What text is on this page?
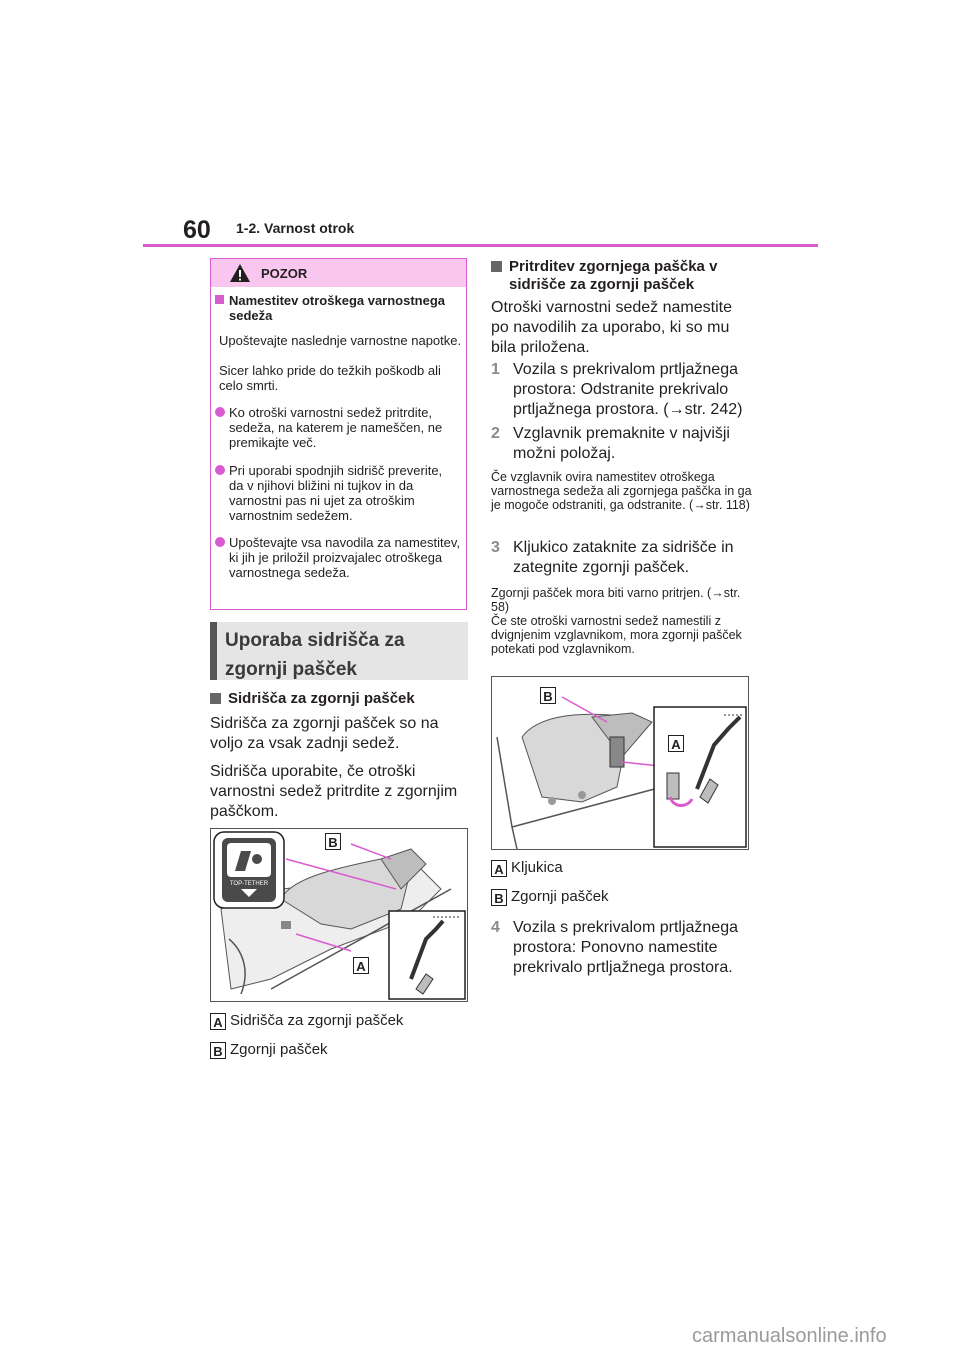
60 1-2. Varnost otrok
POZOR
Namestitev otroškega varnostnega sedeža
Upoštevajte naslednje varnostne napotke.
Sicer lahko pride do težkih poškodb ali celo smrti.
Ko otroški varnostni sedež pritrdite, sedeža, na katerem je nameščen, ne premikajte več.
Pri uporabi spodnjih sidrišč preverite, da v njihovi bližini ni tujkov in da varnostni pas ni ujet za otroškim varnostnim sedežem.
Upoštevajte vsa navodila za namestitev, ki jih je priložil proizvajalec otroškega varnostnega sedeža.
Uporaba sidrišča za zgornji pašček
Sidrišča za zgornji pašček
Sidrišča za zgornji pašček so na voljo za vsak zadnji sedež.
Sidrišča uporabite, če otroški varnostni sedež pritrdite z zgornjim paščkom.
TOP-TETHER
B
A
A Sidrišča za zgornji pašček
B Zgornji pašček
Pritrditev zgornjega paščka v sidrišče za zgornji pašček
Otroški varnostni sedež namestite po navodilih za uporabo, ki so mu bila priložena.
1 Vozila s prekrivalom prtljažnega prostora: Odstranite prekrivalo prtljažnega prostora. (→str. 242)
2 Vzglavnik premaknite v najvišji možni položaj.
Če vzglavnik ovira namestitev otroškega varnostnega sedeža ali zgornjega paščka in ga je mogoče odstraniti, ga odstranite. (→str. 118)
3 Kljukico zataknite za sidrišče in zategnite zgornji pašček.
Zgornji pašček mora biti varno pritrjen. (→str. 58)
Če ste otroški varnostni sedež namestili z dvignjenim vzglavnikom, mora zgornji pašček potekati pod vzglavnikom.
B
A
A Kljukica
B Zgornji pašček
4 Vozila s prekrivalom prtljažnega prostora: Ponovno namestite prekrivalo prtljažnega prostora.
carmanualsonline.info
